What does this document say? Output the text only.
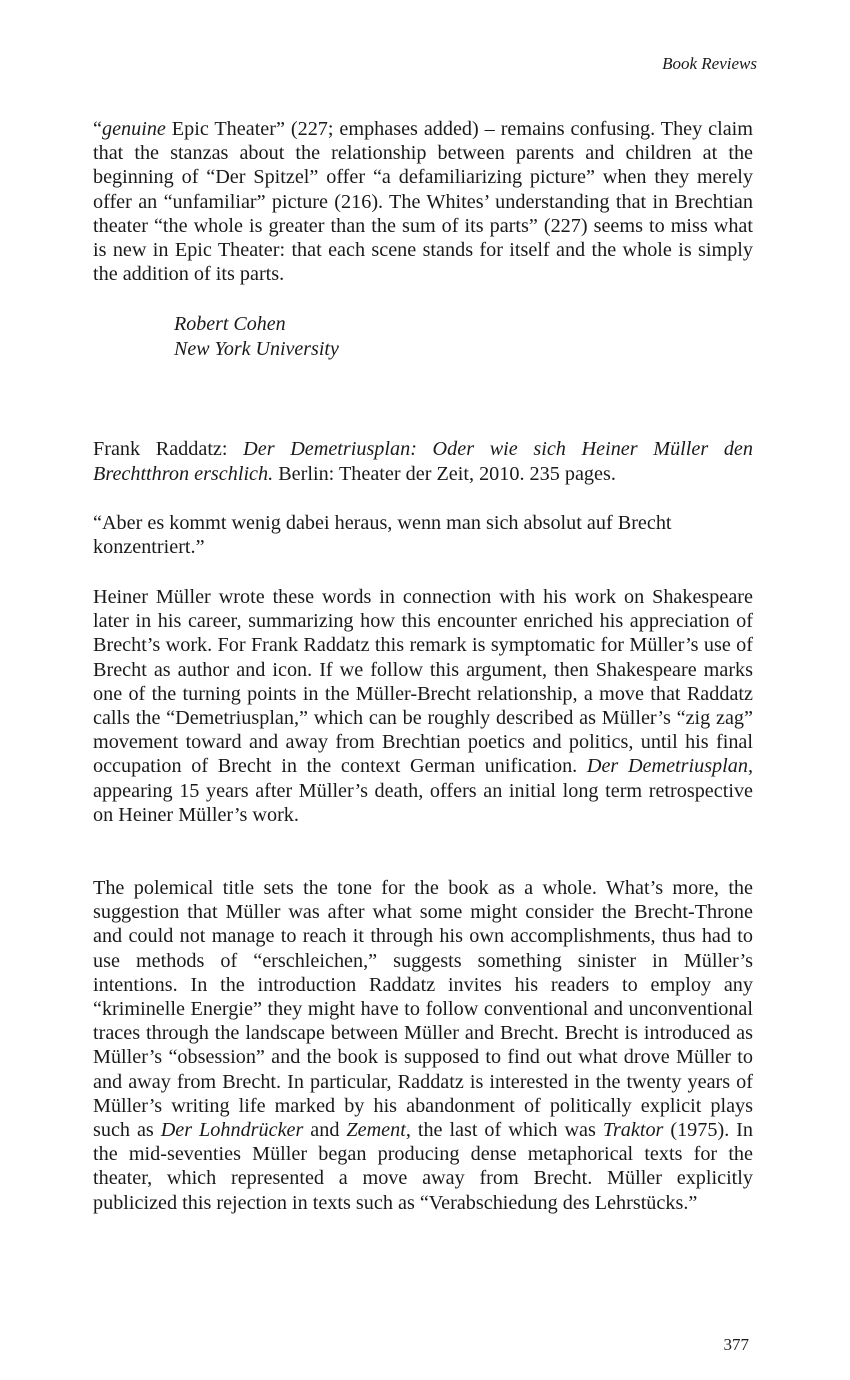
Book Reviews

“genuine Epic Theater” (227; emphases added) – remains confusing. They claim that the stanzas about the relationship between parents and children at the beginning of “Der Spitzel” offer “a defamiliarizing picture” when they merely offer an “unfamiliar” picture (216). The Whites’ understanding that in Brechtian theater “the whole is greater than the sum of its parts” (227) seems to miss what is new in Epic Theater: that each scene stands for itself and the whole is simply the addition of its parts.

Robert Cohen
New York University

Frank Raddatz: Der Demetriusplan: Oder wie sich Heiner Müller den Brechtthron erschlich. Berlin: Theater der Zeit, 2010. 235 pages.

“Aber es kommt wenig dabei heraus, wenn man sich absolut auf Brecht konzentriert.”

Heiner Müller wrote these words in connection with his work on Shakespeare later in his career, summarizing how this encounter enriched his appreciation of Brecht’s work. For Frank Raddatz this remark is symptomatic for Müller’s use of Brecht as author and icon. If we follow this argument, then Shakespeare marks one of the turning points in the Müller-Brecht relationship, a move that Raddatz calls the “Demetriusplan,” which can be roughly described as Müller’s “zig zag” movement toward and away from Brechtian poetics and politics, until his final occupation of Brecht in the context German unification. Der Demetriusplan, appearing 15 years after Müller’s death, offers an initial long term retrospective on Heiner Müller’s work.

The polemical title sets the tone for the book as a whole. What’s more, the suggestion that Müller was after what some might consider the Brecht-Throne and could not manage to reach it through his own accomplishments, thus had to use methods of “erschleichen,” suggests something sinister in Müller’s intentions. In the introduction Raddatz invites his readers to employ any “kriminelle Energie” they might have to follow conventional and unconventional traces through the landscape between Müller and Brecht. Brecht is introduced as Müller’s “obsession” and the book is supposed to find out what drove Müller to and away from Brecht. In particular, Raddatz is interested in the twenty years of Müller’s writing life marked by his abandonment of politically explicit plays such as Der Lohndrücker and Zement, the last of which was Traktor (1975). In the mid-seventies Müller began producing dense metaphorical texts for the theater, which represented a move away from Brecht. Müller explicitly publicized this rejection in texts such as “Verabschiedung des Lehrstücks.”

377
